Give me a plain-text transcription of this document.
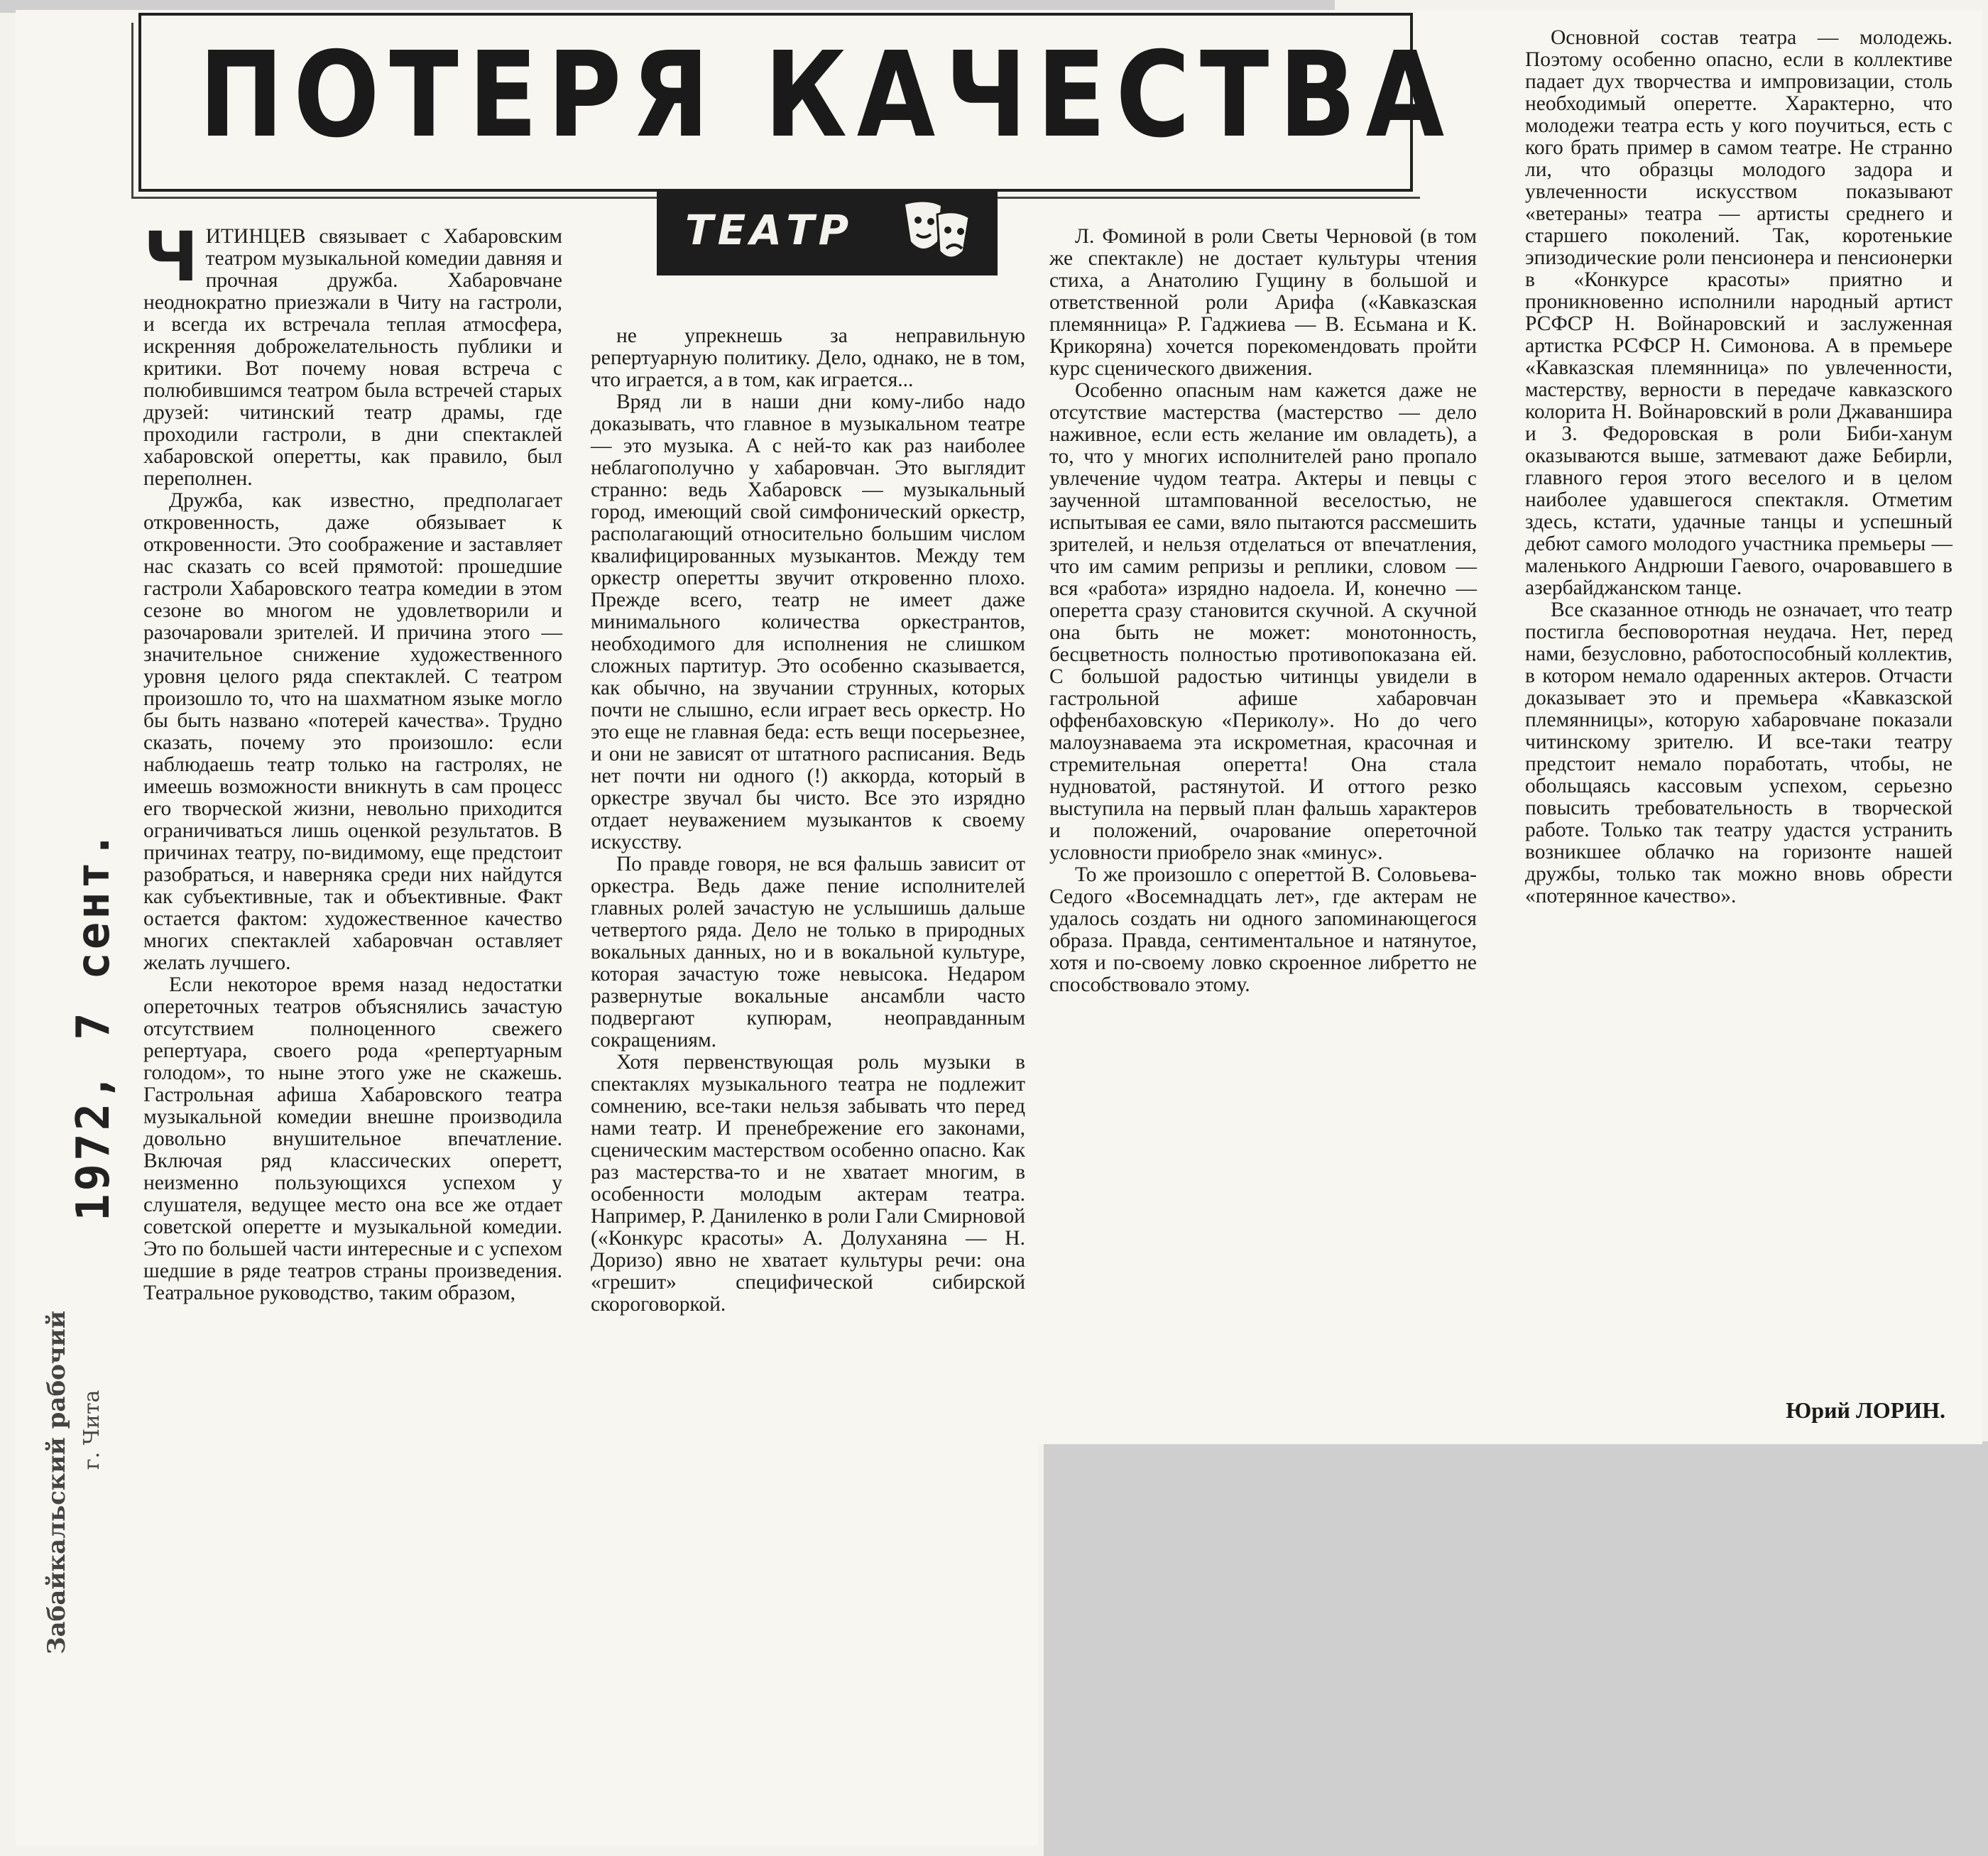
ПОТЕРЯ КАЧЕСТВА
ТЕАТР
1972, 7 сент.
Забайкальский рабочий г. Чита

ЧИТИНЦЕВ связывает с Хабаровским театром музыкальной комедии давняя и прочная дружба. Хабаровчане неоднократно приезжали в Читу на гастроли, и всегда их встречала теплая атмосфера, искренняя доброжелательность публики и критики. Вот почему новая встреча с полюбившимся театром была встречей старых друзей: читинский театр драмы, где проходили гастроли, в дни спектаклей хабаровской оперетты, как правило, был переполнен.

Дружба, как известно, предполагает откровенность, даже обязывает к откровенности. Это соображение и заставляет нас сказать со всей прямотой: прошедшие гастроли Хабаровского театра комедии в этом сезоне во многом не удовлетворили и разочаровали зрителей. И причина этого — значительное снижение художественного уровня целого ряда спектаклей. С театром произошло то, что на шахматном языке могло бы быть названо «потерей качества». Трудно сказать, почему это произошло: если наблюдаешь театр только на гастролях, не имеешь возможности вникнуть в сам процесс его творческой жизни, невольно приходится ограничиваться лишь оценкой результатов. В причинах театру, по-видимому, еще предстоит разобраться, и наверняка среди них найдутся как субъективные, так и объективные. Факт остается фактом: художественное качество многих спектаклей хабаровчан оставляет желать лучшего.

Если некоторое время назад недостатки опереточных театров объяснялись зачастую отсутствием полноценного свежего репертуара, своего рода «репертуарным голодом», то ныне этого уже не скажешь. Гастрольная афиша Хабаровского театра музыкальной комедии внешне производила довольно внушительное впечатление. Включая ряд классических оперетт, неизменно пользующихся успехом у слушателя, ведущее место она все же отдает советской оперетте и музыкальной комедии. Это по большей части интересные и с успехом шедшие в ряде театров страны произведения. Театральное руководство, таким образом,

не упрекнешь за неправильную репертуарную политику. Дело, однако, не в том, что играется, а в том, как играется...

Вряд ли в наши дни кому-либо надо доказывать, что главное в музыкальном театре — это музыка. А с ней-то как раз наиболее неблагополучно у хабаровчан. Это выглядит странно: ведь Хабаровск — музыкальный город, имеющий свой симфонический оркестр, располагающий относительно большим числом квалифицированных музыкантов. Между тем оркестр оперетты звучит откровенно плохо. Прежде всего, театр не имеет даже минимального количества оркестрантов, необходимого для исполнения не слишком сложных партитур. Это особенно сказывается, как обычно, на звучании струнных, которых почти не слышно, если играет весь оркестр. Но это еще не главная беда: есть вещи посерьезнее, и они не зависят от штатного расписания. Ведь нет почти ни одного (!) аккорда, который в оркестре звучал бы чисто. Все это изрядно отдает неуважением музыкантов к своему искусству.

По правде говоря, не вся фальшь зависит от оркестра. Ведь даже пение исполнителей главных ролей зачастую не услышишь дальше четвертого ряда. Дело не только в природных вокальных данных, но и в вокальной культуре, которая зачастую тоже невысока. Недаром развернутые вокальные ансамбли часто подвергают купюрам, неоправданным сокращениям.

Хотя первенствующая роль музыки в спектаклях музыкального театра не подлежит сомнению, все-таки нельзя забывать что перед нами театр. И пренебрежение его законами, сценическим мастерством особенно опасно. Как раз мастерства-то и не хватает многим, в особенности молодым актерам театра. Например, Р. Даниленко в роли Гали Смирновой («Конкурс красоты» А. Долуханяна — Н. Доризо) явно не хватает культуры речи: она «грешит» специфической сибирской скороговоркой.

Л. Фоминой в роли Светы Черновой (в том же спектакле) не достает культуры чтения стиха, а Анатолию Гущину в большой и ответственной роли Арифа («Кавказская племянница» Р. Гаджиева — В. Есьмана и К. Крикоряна) хочется порекомендовать пройти курс сценического движения.

Особенно опасным нам кажется даже не отсутствие мастерства (мастерство — дело наживное, если есть желание им овладеть), а то, что у многих исполнителей рано пропало увлечение чудом театра. Актеры и певцы с заученной штампованной веселостью, не испытывая ее сами, вяло пытаются рассмешить зрителей, и нельзя отделаться от впечатления, что им самим репризы и реплики, словом — вся «работа» изрядно надоела. И, конечно — оперетта сразу становится скучной. А скучной она быть не может: монотонность, бесцветность полностью противопоказана ей. С большой радостью читинцы увидели в гастрольной афише хабаровчан оффенбаховскую «Периколу». Но до чего малоузнаваема эта искрометная, красочная и стремительная оперетта! Она стала нудноватой, растянутой. И оттого резко выступила на первый план фальшь характеров и положений, очарование опереточной условности приобрело знак «минус».

То же произошло с опереттой В. Соловьева-Седого «Восемнадцать лет», где актерам не удалось создать ни одного запоминающегося образа. Правда, сентиментальное и натянутое, хотя и по-своему ловко скроенное либретто не способствовало этому.

Основной состав театра — молодежь. Поэтому особенно опасно, если в коллективе падает дух творчества и импровизации, столь необходимый оперетте. Характерно, что молодежи театра есть у кого поучиться, есть с кого брать пример в самом театре. Не странно ли, что образцы молодого задора и увлеченности искусством показывают «ветераны» театра — артисты среднего и старшего поколений. Так, коротенькие эпизодические роли пенсионера и пенсионерки в «Конкурсе красоты» приятно и проникновенно исполнили народный артист РСФСР Н. Войнаровский и заслуженная артистка РСФСР Н. Симонова. А в премьере «Кавказская племянница» по увлеченности, мастерству, верности в передаче кавказского колорита Н. Войнаровский в роли Джаваншира и З. Федоровская в роли Биби-ханум оказываются выше, затмевают даже Бебирли, главного героя этого веселого и в целом наиболее удавшегося спектакля. Отметим здесь, кстати, удачные танцы и успешный дебют самого молодого участника премьеры — маленького Андрюши Гаевого, очаровавшего в азербайджанском танце.

Все сказанное отнюдь не означает, что театр постигла бесповоротная неудача. Нет, перед нами, безусловно, работоспособный коллектив, в котором немало одаренных актеров. Отчасти доказывает это и премьера «Кавказской племянницы», которую хабаровчане показали читинскому зрителю. И все-таки театру предстоит немало поработать, чтобы, не обольщаясь кассовым успехом, серьезно повысить требовательность в творческой работе. Только так театру удастся устранить возникшее облачко на горизонте нашей дружбы, только так можно вновь обрести «потерянное качество».

Юрий ЛОРИН.
